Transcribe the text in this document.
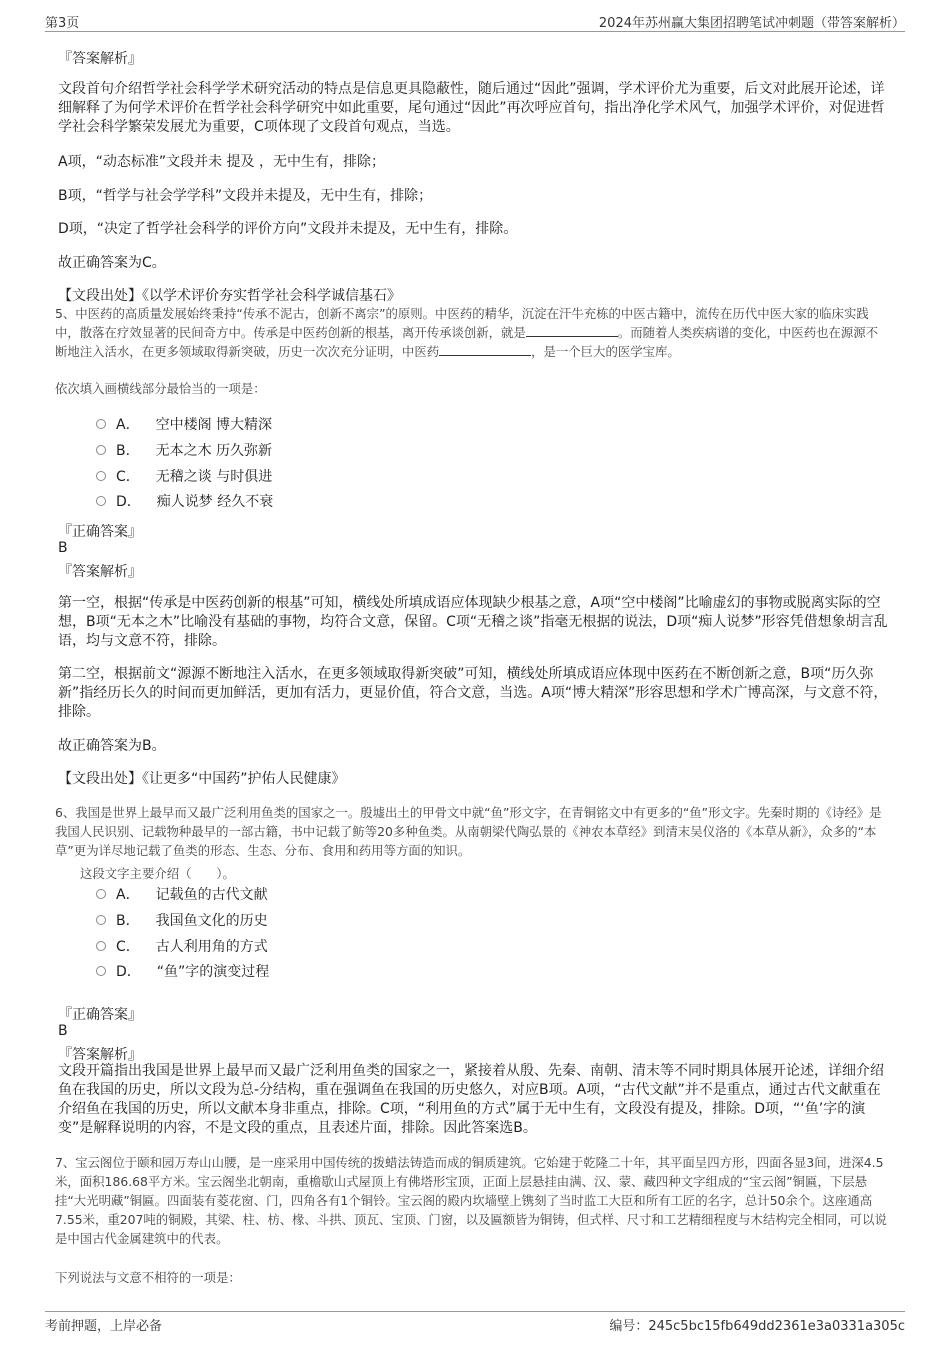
第3页	2024年苏州赢大集团招聘笔试冲刺题（带答案解析）
『答案解析』
文段首句介绍哲学社会科学学术研究活动的特点是信息更具隐蔽性，随后通过“因此”强调，学术评价尤为重要，后文对此展开论述，详细解释了为何学术评价在哲学社会科学研究中如此重要，尾句通过“因此”再次呼应首句，指出净化学术风气，加强学术评价，对促进哲学社会科学繁荣发展尤为重要，C项体现了文段首句观点，当选。
A项，“动态标准”文段并未 提及 ，无中生有，排除；
B项，“哲学与社会学学科”文段并未提及，无中生有，排除；
D项，“决定了哲学社会科学的评价方向”文段并未提及，无中生有，排除。
故正确答案为C。
【文段出处】《以学术评价夯实哲学社会科学诚信基石》
5、中医药的高质量发展始终秉持“传承不泥古，创新不离宗”的原则。中医药的精华，沉淀在汗牛充栋的中医古籍中，流传在历代中医大家的临床实践中，散落在疗效显著的民间奇方中。传承是中医药创新的根基，离开传承谈创新，就是	。而随着人类疾病谱的变化，中医药也在源源不断地注入活水，在更多领域取得新突破，历史一次次充分证明，中医药	，是一个巨大的医学宝库。
依次填入画横线部分最恰当的一项是：
A． 空中楼阁 博大精深
B． 无本之木 历久弥新
C． 无稽之谈 与时俱进
D． 痴人说梦 经久不衰
『正确答案』
B
『答案解析』
第一空，根据“传承是中医药创新的根基”可知，横线处所填成语应体现缺少根基之意，A项“空中楼阁”比喻虚幻的事物或脱离实际的空想，B项“无本之木”比喻没有基础的事物，均符合文意，保留。C项“无稽之谈”指毫无根据的说法，D项“痴人说梦”形容凭借想象胡言乱语，均与文意不符，排除。
第二空，根据前文“源源不断地注入活水，在更多领域取得新突破”可知，横线处所填成语应体现中医药在不断创新之意，B项“历久弥新”指经历长久的时间而更加鲜活，更加有活力，更显价值，符合文意，当选。A项“博大精深”形容思想和学术广博高深，与文意不符，排除。
故正确答案为B。
【文段出处】《让更多“中国药”护佑人民健康》
6、我国是世界上最早而又最广泛利用鱼类的国家之一。殷墟出土的甲骨文中就“鱼”形文字，在青铜铭文中有更多的“鱼”形文字。先秦时期的《诗经》是我国人民识别、记载物种最早的一部古籍，书中记载了鲂等20多种鱼类。从南朝梁代陶弘景的《神农本草经》到清末吴仪洛的《本草从新》，众多的“本草”更为详尽地记载了鱼类的形态、生态、分布、食用和药用等方面的知识。
这段文字主要介绍（　　）。
A． 记载鱼的古代文献
B． 我国鱼文化的历史
C． 古人利用角的方式
D． “鱼”字的演变过程
『正确答案』
B
『答案解析』
文段开篇指出我国是世界上最早而又最广泛利用鱼类的国家之一，紧接着从殷、先秦、南朝、清末等不同时期具体展开论述，详细介绍鱼在我国的历史，所以文段为总-分结构，重在强调鱼在我国的历史悠久，对应B项。A项，“古代文献”并不是重点，通过古代文献重在介绍鱼在我国的历史，所以文献本身非重点，排除。C项，“利用鱼的方式”属于无中生有，文段没有提及，排除。D项，“‘鱼’字的演变”是解释说明的内容，不是文段的重点，且表述片面，排除。因此答案选B。
7、宝云阁位于颐和园万寿山山腰，是一座采用中国传统的拨蜡法铸造而成的铜质建筑。它始建于乾隆二十年，其平面呈四方形，四面各显3间，进深4.5米，面积186.68平方米。宝云阁坐北朝南，重檐歇山式屋顶上有佛塔形宝顶，正面上层悬挂由满、汉、蒙、藏四种文字组成的“宝云阁”铜匾，下层悬挂“大光明藏”铜匾。四面装有菱花窗、门，四角各有1个铜铃。宝云阁的殿内坎墙壁上镌刻了当时监工大臣和所有工匠的名字，总计50余个。这座通高7.55米，重207吨的铜殿，其梁、柱、枋、椽、斗拱、顶瓦、宝顶、门窗，以及匾额皆为铜铸，但式样、尺寸和工艺精细程度与木结构完全相同，可以说是中国古代金属建筑中的代表。
下列说法与文意不相符的一项是：
考前押题，上岸必备	编号：245c5bc15fb649dd2361e3a0331a305c
